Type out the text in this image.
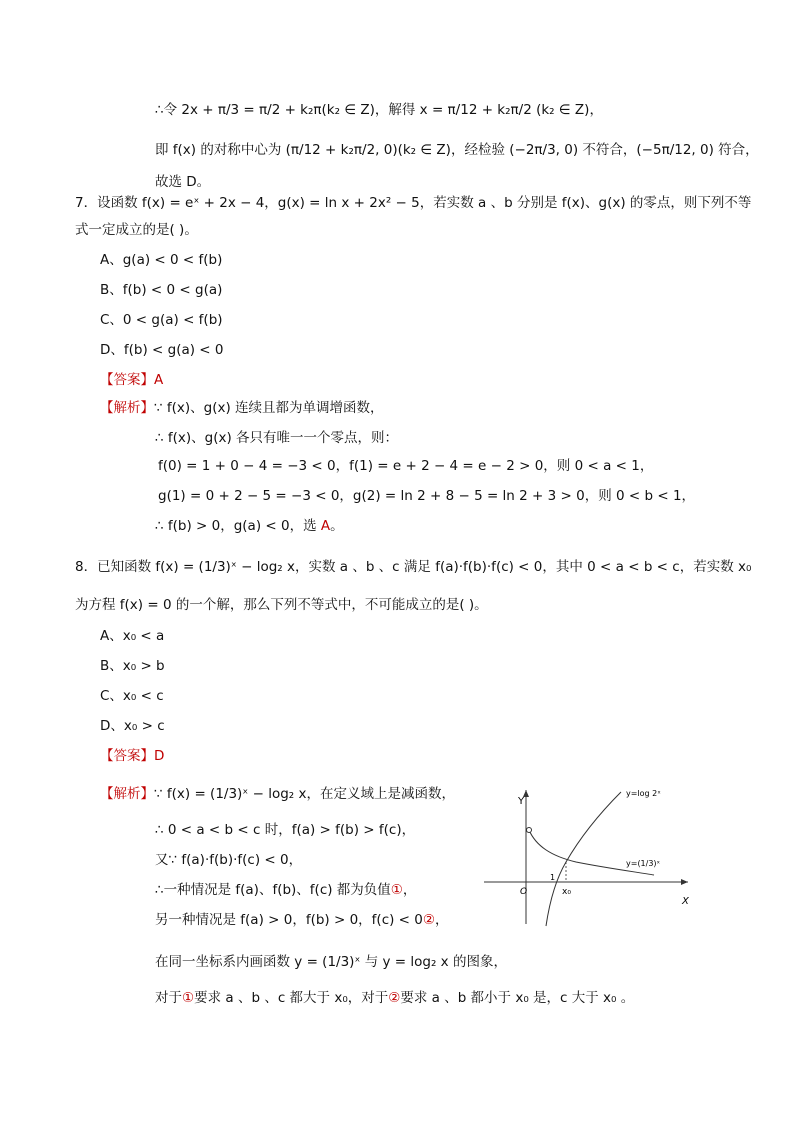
∴令 2x + π/3 = π/2 + k₂π(k₂ ∈ Z)，解得 x = π/12 + k₂π/2 (k₂ ∈ Z)，
即 f(x) 的对称中心为 (π/12 + k₂π/2, 0)(k₂ ∈ Z)，经检验 (−2π/3, 0) 不符合，(−5π/12, 0) 符合，
故选 D。
7．设函数 f(x) = eˣ + 2x − 4，g(x) = ln x + 2x² − 5，若实数 a 、b 分别是 f(x)、g(x) 的零点，则下列不等
式一定成立的是( )。
A、g(a) < 0 < f(b)
B、f(b) < 0 < g(a)
C、0 < g(a) < f(b)
D、f(b) < g(a) < 0
【答案】A
【解析】∵ f(x)、g(x) 连续且都为单调增函数，
∴ f(x)、g(x) 各只有唯一一个零点，则：
f(0) = 1 + 0 − 4 = −3 < 0，f(1) = e + 2 − 4 = e − 2 > 0，则 0 < a < 1，
g(1) = 0 + 2 − 5 = −3 < 0，g(2) = ln 2 + 8 − 5 = ln 2 + 3 > 0，则 0 < b < 1，
∴ f(b) > 0，g(a) < 0，选 A。
8．已知函数 f(x) = (1/3)ˣ − log₂ x，实数 a 、b 、c 满足 f(a)·f(b)·f(c) < 0，其中 0 < a < b < c，若实数 x₀
为方程 f(x) = 0 的一个解，那么下列不等式中，不可能成立的是( )。
A、x₀ < a
B、x₀ > b
C、x₀ < c
D、x₀ > c
【答案】D
【解析】∵ f(x) = (1/3)ˣ − log₂ x，在定义域上是减函数，
∴ 0 < a < b < c 时，f(a) > f(b) > f(c)，
又∵ f(a)·f(b)·f(c) < 0，
∴一种情况是 f(a)、f(b)、f(c) 都为负值①，
另一种情况是 f(a) > 0，f(b) > 0，f(c) < 0②，
在同一坐标系内画函数 y = (1/3)ˣ 与 y = log₂ x 的图象，
对于①要求 a 、b 、c 都大于 x₀，对于②要求 a 、b 都小于 x₀ 是，c 大于 x₀ 。
Y
X
O
1
x₀
y=log 2ˣ
y=(1/3)ˣ
